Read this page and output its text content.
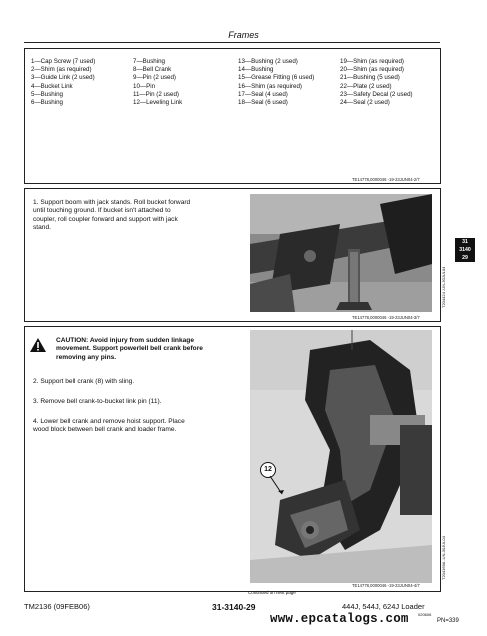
Frames
1—Cap Screw (7 used)
2—Shim (as required)
3—Guide Link (2 used)
4—Bucket Link
5—Bushing
6—Bushing
7—Bushing
8—Bell Crank
9—Pin (2 used)
10—Pin
11—Pin (2 used)
12—Leveling Link
13—Bushing (2 used)
14—Bushing
15—Grease Fitting (6 used)
16—Shim (as required)
17—Seal (4 used)
18—Seal (6 used)
19—Shim (as required)
20—Shim (as required)
21—Bushing (5 used)
22—Plate (2 used)
23—Safety Decal (2 used)
24—Seal (2 used)
TE14778,0000046 -19-23JUN04-2/7
1. Support boom with jack stands. Roll bucket forward
until touching ground. If bucket isn't attached to
coupler, roll coupler forward and support with jack
stand.
T204424 -UN-30JUL04
TE14778,0000046 -19-23JUN04-3/7
31
3140
29
CAUTION: Avoid injury from sudden linkage
movement. Support powerlell bell crank before
removing any pins.
2. Support bell crank (8) with sling.
3. Remove bell crank-to-bucket link pin (11).
4. Lower bell crank and remove hoist support. Place
wood block between bell crank and loader frame.
12
T204169A -UN-30JUL04
TE14778,0000046 -19-23JUN04-4/7
Continued on next page
TM2136 (09FEB06)	31-3140-29	444J, 544J, 624J Loader
020606
PN=339
www.epcatalogs.com
